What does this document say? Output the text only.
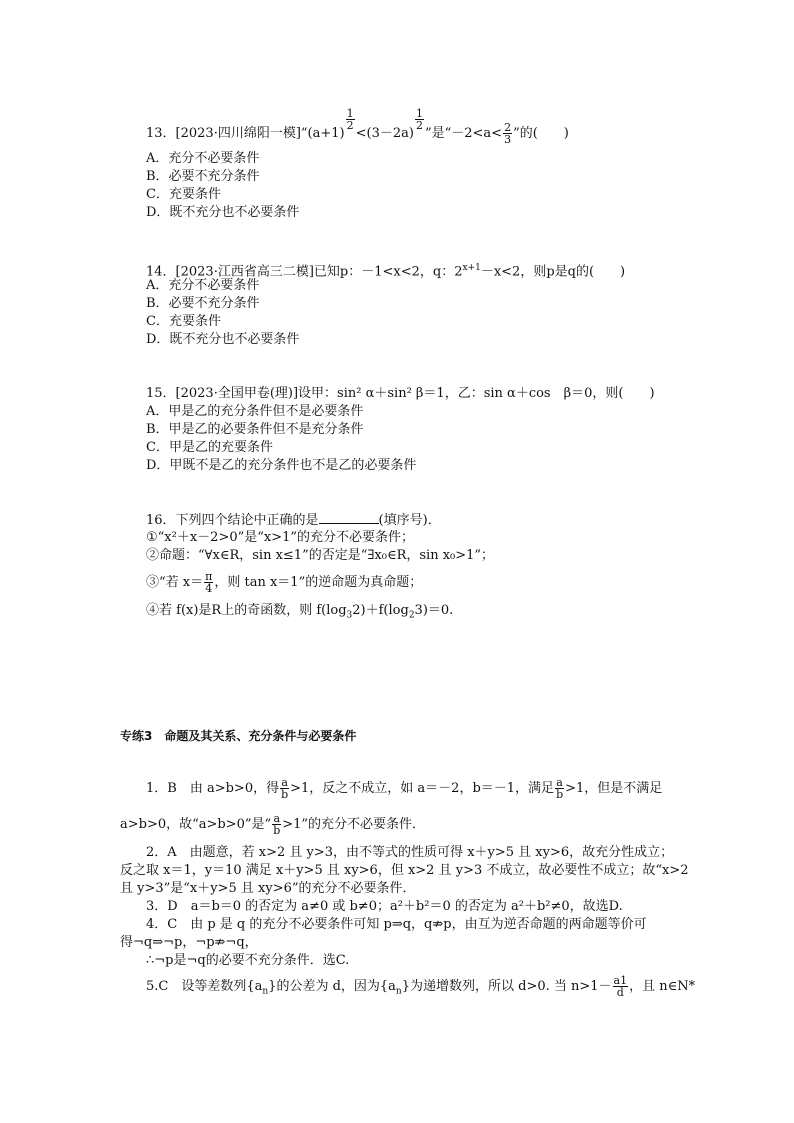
13．[2023·四川绵阳一模]“(a+1)
$\frac{1}{2}$
<(3－2a)
$\frac{1}{2}$
”是“$-2<a< \frac{2}{3}$ ”的(　　)
A．充分不必要条件
B．必要不充分条件
C．充要条件
D．既不充分也不必要条件
14．[2023·江西省高三二模]已知p：－1<x<2，q：$2^{x+1}-x<2$，则p是q的(　　)
A．充分不必要条件
B．必要不充分条件
C．充要条件
D．既不充分也不必要条件
15．[2023·全国甲卷(理)]设甲：sin² α＋sin² β＝1，乙：sin α＋cos　β＝0，则(　　)
A．甲是乙的充分条件但不是必要条件
B．甲是乙的必要条件但不是充分条件
C．甲是乙的充要条件
D．甲既不是乙的充分条件也不是乙的必要条件
16．下列四个结论中正确的是	(填序号)．
①“x²＋x－2>0”是“x>1”的充分不必要条件；
②命题：“∀x∈R，sin x≤1”的否定是“∃x₀∈R，sin x₀>1”；
③“若 $x= \frac{\pi}{4}$ ，则 tan x＝1”的逆命题为真命题；
④若 f(x)是R上的奇函数，则 $f(\log_32)+f(\log_23)=0$.
专练3　命题及其关系、充分条件与必要条件
1．B　由 a>b>0，得 $\frac{a}{b} >1$，反之不成立，如 a＝－2，b＝－1，满足 $\frac{a}{b} >1$，但是不满足
a>b>0，故“a>b>0”是“ $\frac{a}{b} >1$”的充分不必要条件．
2．A　由题意，若 x>2 且 y>3，由不等式的性质可得 x＋y>5 且 xy>6，故充分性成立；
反之取 x＝1，y＝10 满足 x＋y>5 且 xy>6，但 x>2 且 y>3 不成立，故必要性不成立；故“x>2
且 y>3”是“x＋y>5 且 xy>6”的充分不必要条件．
3．D　a＝b＝0 的否定为 a≠0 或 b≠0；a²＋b²＝0 的否定为 a²＋b²≠0，故选D.
4．C　由 p 是 q 的充分不必要条件可知 p⇒q，q⇏p，由互为逆否命题的两命题等价可
得¬q⇒¬p，¬p⇏¬q，
∴¬p是¬q的必要不充分条件．选C.
5.C　设等差数列$\{a_n\}$的公差为 d，因为$\{a_n\}$为递增数列，所以 d>0. 当 $n>1- \frac{a1}{d}$ ，且 n∈N*
